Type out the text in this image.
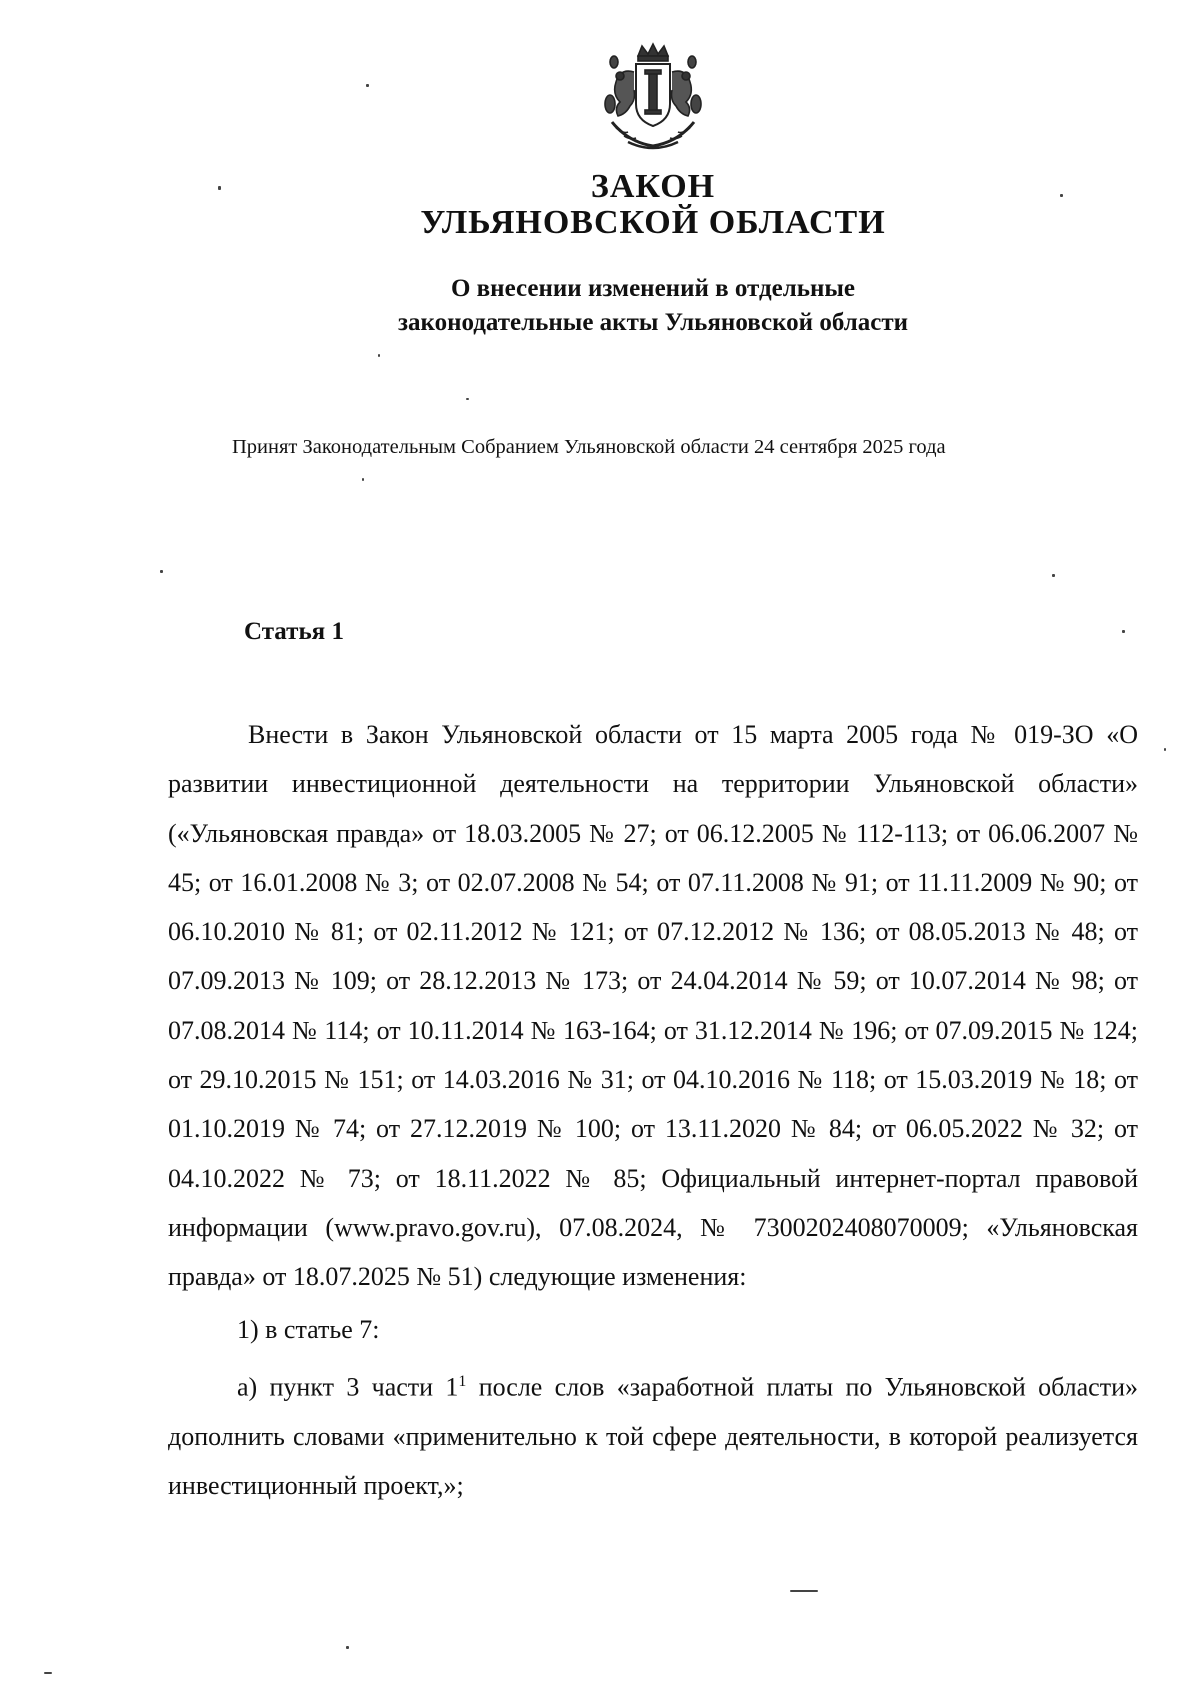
ЗАКОН
УЛЬЯНОВСКОЙ ОБЛАСТИ
О внесении изменений в отдельные
законодательные акты Ульяновской области
Принят Законодательным Собранием Ульяновской области 24 сентября 2025 года
Статья 1

Внести в Закон Ульяновской области от 15 марта 2005 года № 019-ЗО «О развитии инвестиционной деятельности на территории Ульяновской области» («Ульяновская правда» от 18.03.2005 № 27; от 06.12.2005 № 112-113; от 06.06.2007 № 45; от 16.01.2008 № 3; от 02.07.2008 № 54; от 07.11.2008 № 91; от 11.11.2009 № 90; от 06.10.2010 № 81; от 02.11.2012 № 121; от 07.12.2012 № 136; от 08.05.2013 № 48; от 07.09.2013 № 109; от 28.12.2013 № 173; от 24.04.2014 № 59; от 10.07.2014 № 98; от 07.08.2014 № 114; от 10.11.2014 № 163-164; от 31.12.2014 № 196; от 07.09.2015 № 124; от 29.10.2015 № 151; от 14.03.2016 № 31; от 04.10.2016 № 118; от 15.03.2019 № 18; от 01.10.2019 № 74; от 27.12.2019 № 100; от 13.11.2020 № 84; от 06.05.2022 № 32; от 04.10.2022 № 73; от 18.11.2022 № 85; Официальный интернет-портал правовой информации (www.pravo.gov.ru), 07.08.2024, № 7300202408070009; «Ульяновская правда» от 18.07.2025 № 51) следующие изменения:

1) в статье 7:

а) пункт 3 части $1^1$ после слов «заработной платы по Ульяновской области» дополнить словами «применительно к той сфере деятельности, в которой реализуется инвестиционный проект,»;
